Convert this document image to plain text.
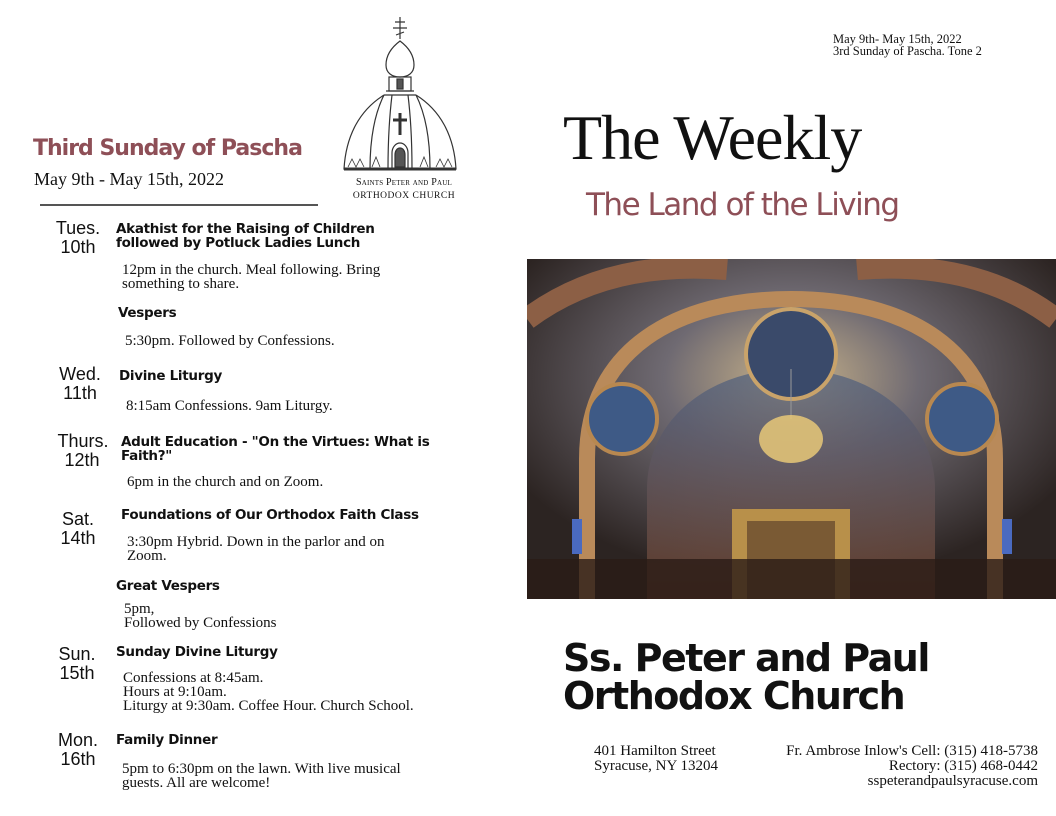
May 9th- May 15th, 2022
3rd Sunday of Pascha. Tone 2
The Weekly
The Land of the Living
Saints Peter and Paul
ORTHODOX CHURCH
Third Sunday of Pascha
May 9th - May 15th, 2022
Tues.
10th
Akathist for the Raising of Children followed by Potluck Ladies Lunch
12pm in the church. Meal following. Bring
something to share.
Vespers
5:30pm. Followed by Confessions.
Wed.
11th
Divine Liturgy
8:15am Confessions. 9am Liturgy.
Thurs.
12th
Adult Education - "On the Virtues: What is Faith?"
6pm in the church and on Zoom.
Sat.
14th
Foundations of Our Orthodox Faith Class
3:30pm Hybrid. Down in the parlor and on
Zoom.
Great Vespers
5pm,
Followed by Confessions
Sun.
15th
Sunday Divine Liturgy
Confessions at 8:45am.
Hours at 9:10am.
Liturgy at 9:30am. Coffee Hour. Church School.
Mon.
16th
Family Dinner
5pm to 6:30pm on the lawn. With live musical
guests. All are welcome!
Ss. Peter and Paul
Orthodox Church
401 Hamilton Street
Syracuse, NY 13204
Fr. Ambrose Inlow's Cell: (315) 418-5738
Rectory: (315) 468-0442
sspeterandpaulsyracuse.com
